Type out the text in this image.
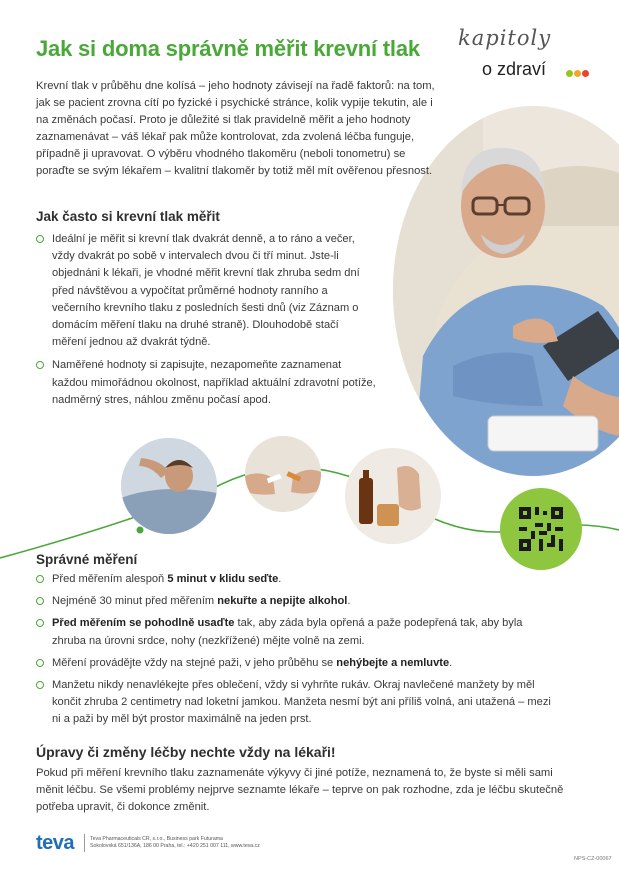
Jak si doma správně měřit krevní tlak kapitoly
o zdraví

Krevní tlak v průběhu dne kolísá – jeho hodnoty závisejí na řadě faktorů: na tom, jak se pacient zrovna cítí po fyzické i psychické stránce, kolik vypije tekutin, ale i na změnách počasí. Proto je důležité si tlak pravidelně měřit a jeho hodnoty zaznamenávat – váš lékař pak může kontrolovat, zda zvolená léčba funguje, případně ji upravovat. O výběru vhodného tlakoměru (neboli tonometru) se poraďte se svým lékařem – kvalitní tlakoměr by totiž měl mít ověřenou přesnost.

Jak často si krevní tlak měřit
Ideální je měřit si krevní tlak dvakrát denně, a to ráno a večer, vždy dvakrát po sobě v intervalech dvou či tří minut. Jste-li objednáni k lékaři, je vhodné měřit krevní tlak zhruba sedm dní před návštěvou a vypočítat průměrné hodnoty ranního a večerního krevního tlaku z posledních šesti dnů (viz Záznam o domácím měření tlaku na druhé straně). Dlouhodobě stačí měření jednou až dvakrát týdně.
Naměřené hodnoty si zapisujte, nezapomeňte zaznamenat každou mimořádnou okolnost, například aktuální zdravotní potíže, nadměrný stres, náhlou změnu počasí apod.
Správné měření
Před měřením alespoň 5 minut v klidu seďte.
Nejméně 30 minut před měřením nekuřte a nepijte alkohol.
Před měřením se pohodlně usaďte tak, aby záda byla opřená a paže podepřená tak, aby byla zhruba na úrovni srdce, nohy (nezkřížené) mějte volně na zemi.
Měření provádějte vždy na stejné paži, v jeho průběhu se nehýbejte a nemluvte.
Manžetu nikdy nenavlékejte přes oblečení, vždy si vyhrňte rukáv. Okraj navlečené manžety by měl končit zhruba 2 centimetry nad loketní jamkou. Manžeta nesmí být ani příliš volná, ani utažená – mezi ni a paži by měl být prostor maximálně na jeden prst.
Úpravy či změny léčby nechte vždy na lékaři!

Pokud při měření krevního tlaku zaznamenáte výkyvy či jiné potíže, neznamená to, že byste si měli sami měnit léčbu. Se všemi problémy nejprve seznamte lékaře – teprve on pak rozhodne, zda je léčbu skutečně potřeba upravit, či dokonce změnit.

teva	Teva Pharmaceuticals CR, s.r.o., Business park Futurama
Sokolovská 651/136A, 186 00 Praha, tel.: +420 251 007 111, www.teva.cz
NPS-CZ-00067
